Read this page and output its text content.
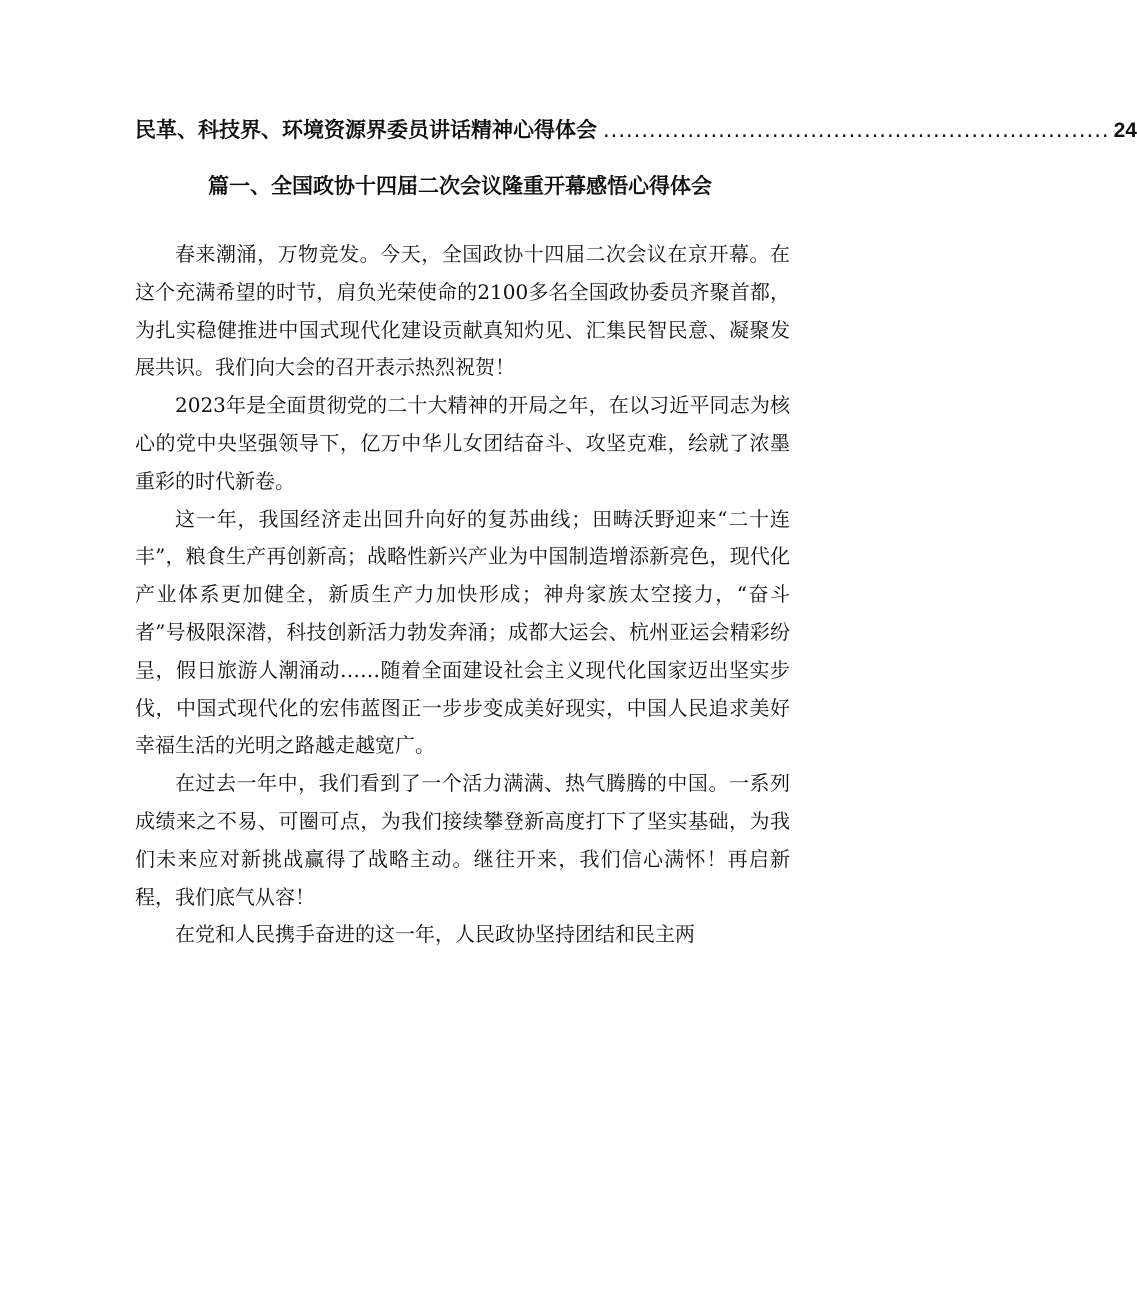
民革、科技界、环境资源界委员讲话精神心得体会 .................................................................. 24
篇一、全国政协十四届二次会议隆重开幕感悟心得体会

春来潮涌，万物竞发。今天，全国政协十四届二次会议在京开幕。在这个充满希望的时节，肩负光荣使命的2100多名全国政协委员齐聚首都，为扎实稳健推进中国式现代化建设贡献真知灼见、汇集民智民意、凝聚发展共识。我们向大会的召开表示热烈祝贺！

2023年是全面贯彻党的二十大精神的开局之年，在以习近平同志为核心的党中央坚强领导下，亿万中华儿女团结奋斗、攻坚克难，绘就了浓墨重彩的时代新卷。

这一年，我国经济走出回升向好的复苏曲线；田畴沃野迎来“二十连丰”，粮食生产再创新高；战略性新兴产业为中国制造增添新亮色，现代化产业体系更加健全，新质生产力加快形成；神舟家族太空接力，“奋斗者”号极限深潜，科技创新活力勃发奔涌；成都大运会、杭州亚运会精彩纷呈，假日旅游人潮涌动……随着全面建设社会主义现代化国家迈出坚实步伐，中国式现代化的宏伟蓝图正一步步变成美好现实，中国人民追求美好幸福生活的光明之路越走越宽广。

在过去一年中，我们看到了一个活力满满、热气腾腾的中国。一系列成绩来之不易、可圈可点，为我们接续攀登新高度打下了坚实基础，为我们未来应对新挑战赢得了战略主动。继往开来，我们信心满怀！再启新程，我们底气从容！

在党和人民携手奋进的这一年，人民政协坚持团结和民主两
